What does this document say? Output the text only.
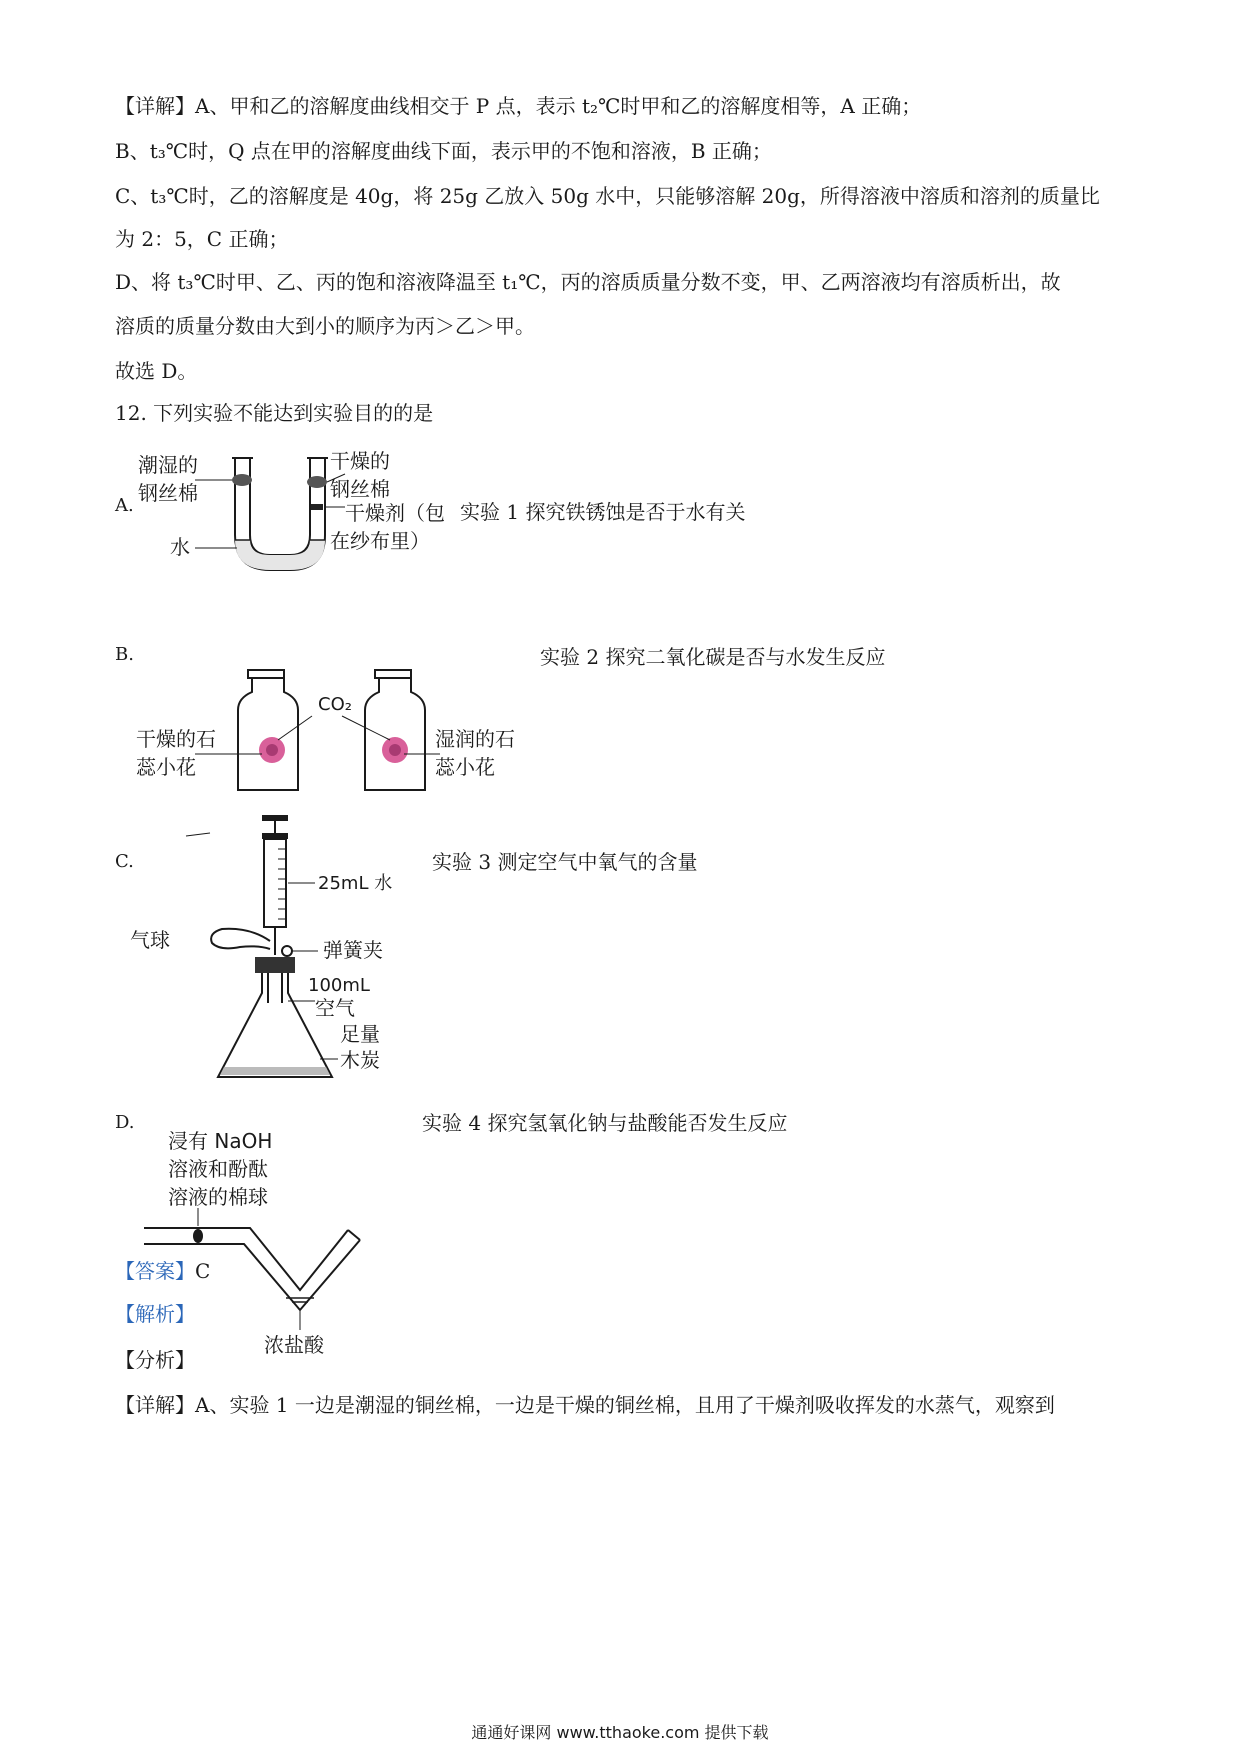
【详解】A、甲和乙的溶解度曲线相交于 P 点，表示 t₂℃时甲和乙的溶解度相等，A 正确；
B、t₃℃时，Q 点在甲的溶解度曲线下面，表示甲的不饱和溶液，B 正确；
C、t₃℃时，乙的溶解度是 40g，将 25g 乙放入 50g 水中，只能够溶解 20g，所得溶液中溶质和溶剂的质量比
为 2：5，C 正确；
D、将 t₃℃时甲、乙、丙的饱和溶液降温至 t₁℃，丙的溶质质量分数不变，甲、乙两溶液均有溶质析出，故
溶质的质量分数由大到小的顺序为丙＞乙＞甲。
故选 D。
12. 下列实验不能达到实验目的的是
A.
潮湿的
钢丝棉
干燥的
钢丝棉
干燥剂（包
在纱布里）
水
实验 1 探究铁锈蚀是否于水有关
B.
CO₂
干燥的石
蕊小花
湿润的石
蕊小花
实验 2 探究二氧化碳是否与水发生反应
C.
25mL 水
气球	弹簧夹
100mL
空气
足量
木炭
实验 3 测定空气中氧气的含量
D.
浸有 NaOH
溶液和酚酞
溶液的棉球
浓盐酸
实验 4 探究氢氧化钠与盐酸能否发生反应
【答案】C
【解析】
【分析】
【详解】A、实验 1 一边是潮湿的铜丝棉，一边是干燥的铜丝棉，且用了干燥剂吸收挥发的水蒸气，观察到
通通好课网 www.tthaoke.com 提供下载
